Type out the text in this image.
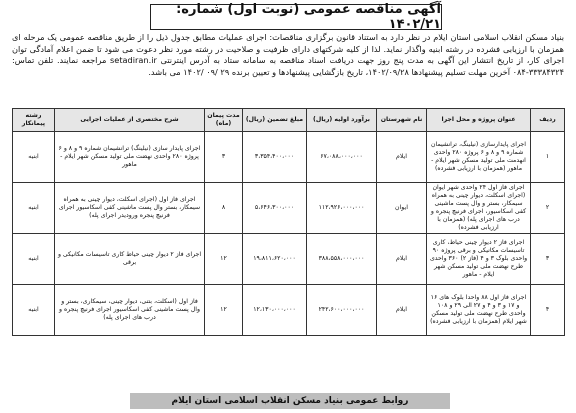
آگهی مناقصه عمومی (نوبت اول) شماره: ۱۴۰۲/۲۱
بنیاد مسکن انقلاب اسلامی استان ایلام در نظر دارد به استناد قانون برگزاری مناقصات: اجرای عملیات مطابق جدول ذیل را از طریق مناقصه عمومی یک مرحله ای همزمان با ارزیابی فشرده در رشته ابنیه واگذار نماید. لذا از کلیه شرکتهای دارای ظرفیت و صلاحیت در رشته مورد نظر دعوت می شود تا ضمن اعلام آمادگی توان اجرای کار، از تاریخ انتشار این آگهی به مدت پنج روز جهت دریافت اسناد مناقصه به سامانه ستاد به آدرس اینترنتی setadiran.ir مراجعه نمایند. تلفن تماس: ۳۳۳۸۴۳۲۴-۰۸۴ آخرین مهلت تسلیم پیشنهادها ۱۴۰۲/۰۹/۲۸، تاریخ بازگشایی پیشنهادها و تعیین برنده ۲۹ /۰۹ /۱۴۰۲ می باشد.
ردیف	عنوان پروژه و محل اجرا	نام شهرستان	برآورد اولیه (ریال)	مبلغ تضمین (ریال)	مدت پیمان (ماه)	شرح مختصری از عملیات اجرایی	رشته پیمانکار
۱	اجرای پایدارسازی (نیلینگ، ترانشیمان شماره ۹ و ۸ و ۶ پروژه ۲۸۰ واحدی انهدمت ملی تولید مسکن شهر ایلام - ماهور (همزمان با ارزیابی فشرده)	ایلام	۶۷،۰۸۸،۰۰۰،۰۰۰	۳،۳۵۴،۴۰۰،۰۰۰	۳	اجرای پایدار سازی (نیلینگ) ترانشیمان شماره ۹ و ۸ و ۶ پروژه ۲۸۰ واحدی نهضت ملی تولید مسکن شهر ایلام - ماهور	ابنیه
۲	اجرای فاز اول ۲۴ واحدی شهر ایوان (اجرای اسکلت، دیوار چینی به همراه سیمکار، بستر و وال پست ماشینی کفی اسکاسیور، اجرای فرنیچ پنجره و درب های اجرای پله) (همزمان با ارزیابی فشرده)	ایوان	۱۱۲،۹۲۶،۰۰۰،۰۰۰	۵،۶۴۶،۳۰۰،۰۰۰	۸	اجرای فاز اول (اجرای اسکلت، دیوار چینی به همراه سیمکار، بستر وال پست ماشینی کفی اسکاسیور اجرای فرنیچ پنجره ورودیدر اجرای پله)	ابنیه
۳	اجرای فاز ۲ دیوار چینی حیاط، کاری تاسیسات مکانیکی و برقی پروژه ۹۰ واحدی بلوک ۳ و ۴ (فاز ۲) ۳۶۰ واحدی طرح نهضت ملی تولید مسکن شهر ایلام - ماهور	ایلام	۳۸۸،۵۵۸،۰۰۰،۰۰۰	۱۹،۸۱۱،۶۲۰،۰۰۰	۱۲	اجرای فاز ۲ دیوار چینی حیاط کاری تاسیسات مکانیکی و برقی	ابنیه
۴	اجرای فاز اول ۸۸ واحدا بلوک های ۱۶ و ۱۷ و ۳ و ۴ و ۲۷ الی ۲۹ و ۱۰۸ واحدی طرح نهضت ملی تولید مسکن شهر ایلام (همزمان با ارزیابی فشرده)	ایلام	۲۴۲،۶۰۰،۰۰۰،۰۰۰	۱۲،۱۳۰،۰۰۰،۰۰۰	۱۲	فاز اول (اسکلت، بتنی، دیوار چینی، سیمکاری، بستر و وال پست ماشینی کفی اسکاسیور اجرای فرنیچ پنجره و درب های اجرای پله)	ابنیه
روابط عمومی بنیاد مسکن انقلاب اسلامی استان ایلام
